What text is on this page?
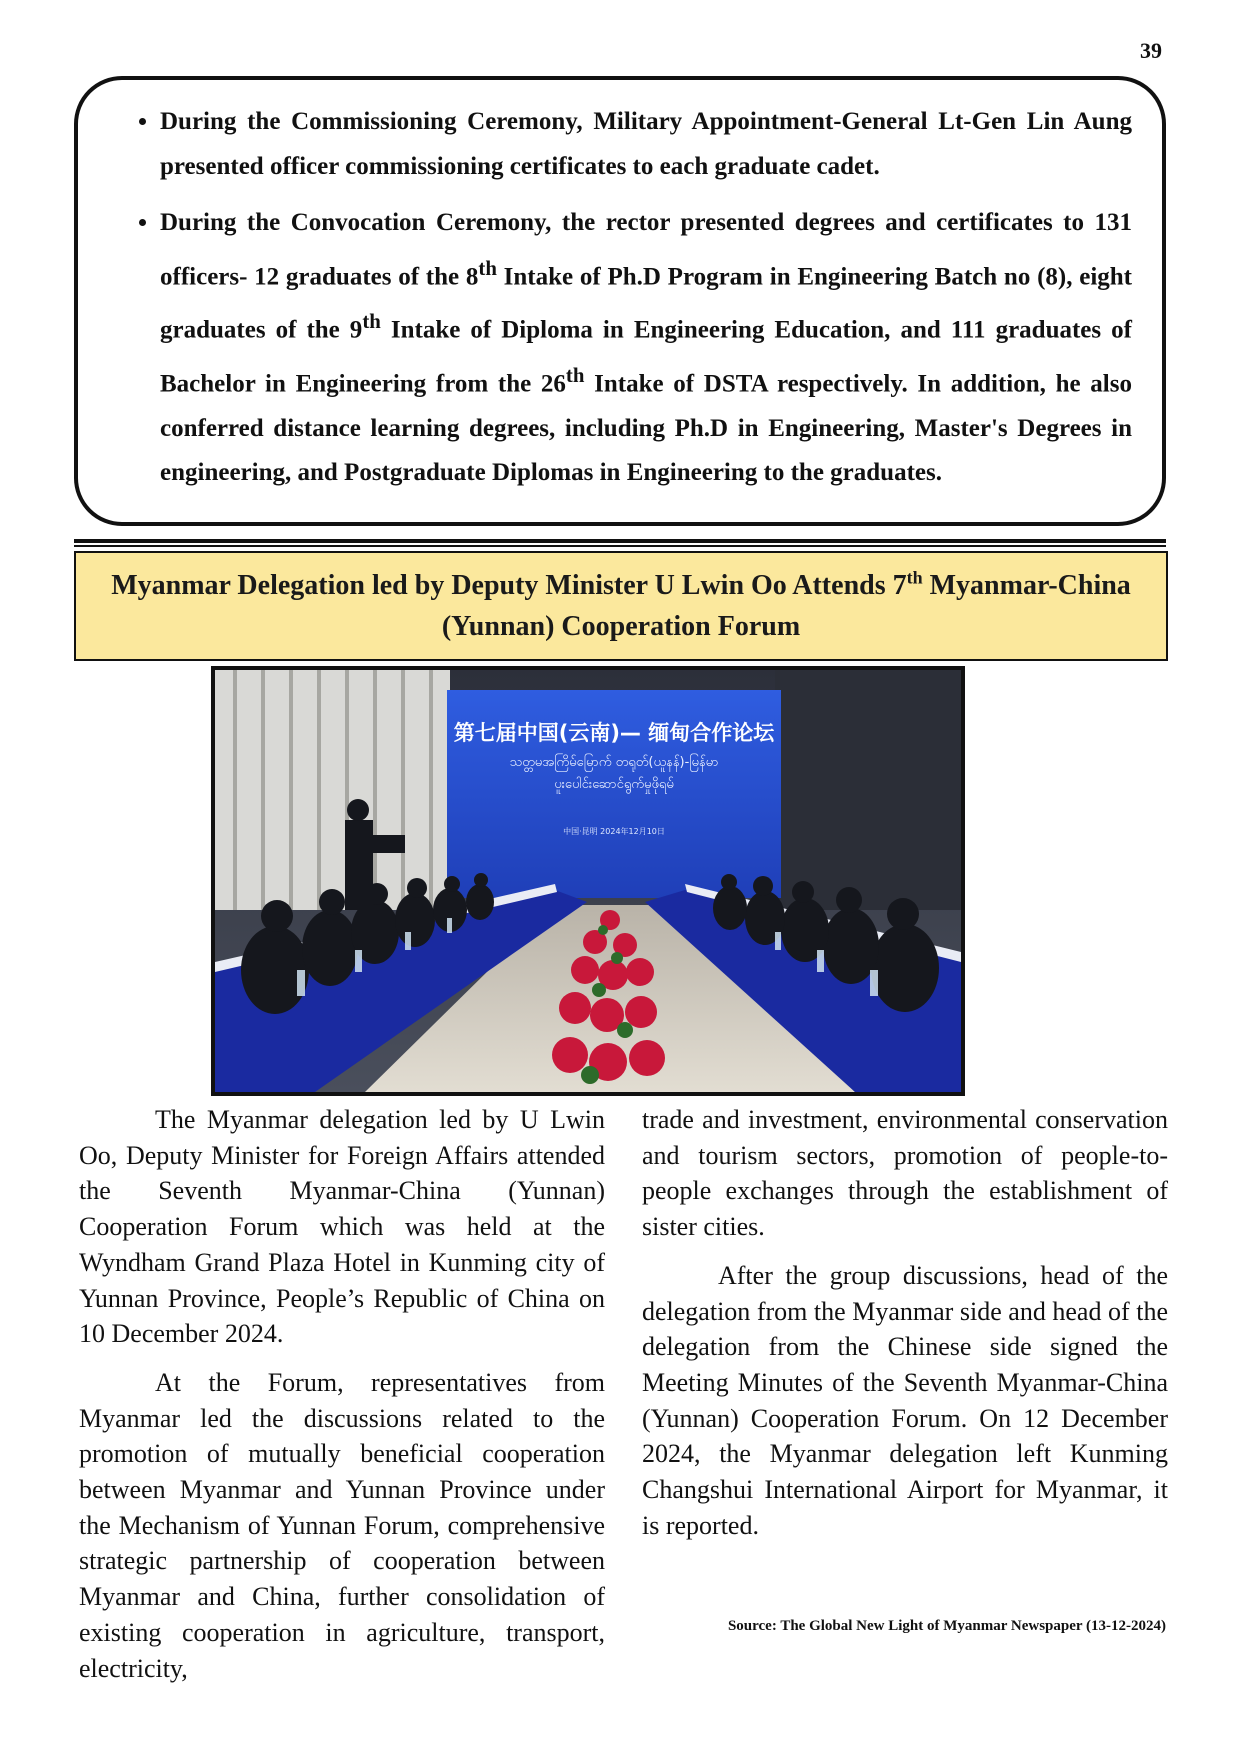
39
• During the Commissioning Ceremony, Military Appointment-General Lt-Gen Lin Aung presented officer commissioning certificates to each graduate cadet.
• During the Convocation Ceremony, the rector presented degrees and certificates to 131 officers- 12 graduates of the 8th Intake of Ph.D Program in Engineering Batch no (8), eight graduates of the 9th Intake of Diploma in Engineering Education, and 111 graduates of Bachelor in Engineering from the 26th Intake of DSTA respectively. In addition, he also conferred distance learning degrees, including Ph.D in Engineering, Master's Degrees in engineering, and Postgraduate Diplomas in Engineering to the graduates.
Myanmar Delegation led by Deputy Minister U Lwin Oo Attends 7th Myanmar-China (Yunnan) Cooperation Forum
第七届中国(云南)— 缅甸合作论坛
သတ္တမအကြိမ်မြောက် တရုတ်(ယူနန်)-မြန်မာ
ပူးပေါင်းဆောင်ရွက်မှုဖိုရမ်
中国·昆明 2024年12月10日

The Myanmar delegation led by U Lwin Oo, Deputy Minister for Foreign Affairs attended the Seventh Myanmar-China (Yunnan) Cooperation Forum which was held at the Wyndham Grand Plaza Hotel in Kunming city of Yunnan Province, People’s Republic of China on 10 December 2024.

At the Forum, representatives from Myanmar led the discussions related to the promotion of mutually beneficial cooperation between Myanmar and Yunnan Province under the Mechanism of Yunnan Forum, comprehensive strategic partnership of cooperation between Myanmar and China, further consolidation of existing cooperation in agriculture, transport, electricity,

trade and investment, environmental conservation and tourism sectors, promotion of people-to-people exchanges through the establishment of sister cities.

After the group discussions, head of the delegation from the Myanmar side and head of the delegation from the Chinese side signed the Meeting Minutes of the Seventh Myanmar-China (Yunnan) Cooperation Forum. On 12 December 2024, the Myanmar delegation left Kunming Changshui International Airport for Myanmar, it is reported.

Source: The Global New Light of Myanmar Newspaper (13-12-2024)
